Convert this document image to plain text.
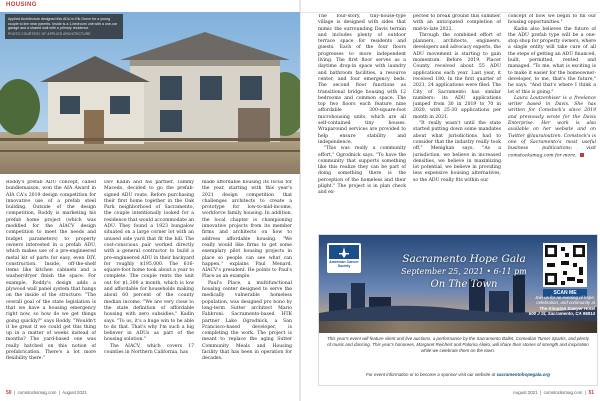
HOUSING
Applied Architecture designed this ADU in Elk Grove for a young couple to live near parents. Inside is a 1-bedroom unit with a one-car garage and a shared wall with a primary residence.
PHOTO COURTESY OF APPLIED ARCHITECTURE

Roddy's prefab ADU concept, called bundlemaison, won the AIA Award in AIA CA's 2019 design competition for innovative use of a prefab steel building. Outside of the design competition, Roddy is marketing his prefab home project (which was modified for the AIACV design competition to meet the needs and budget parameters) to property owners interested in a prefab ADU, which makes use of a pre-engineered metal kit of parts for easy, even DIY, construction. Inside, off-the-shelf items like kitchen cabinets and a washer/dryer finish the space. For example, Roddy's design adds a plywood wall panel system that hangs on the inside of the structure. "The overall goal of the state legislation is that we have a housing emergency right now, so how do we get things going quickly?" says Roddy. "Wouldn't it be great if we could get this thing up in a matter of weeks instead of months? The yard-based one was really hatched on this notion of prefabrication. There's a lot more flexibility there."

Dov Kadin and his partner, Tammy Macedo, decided to go the prefab-signed ADU route. Before purchasing their first home together in the Oak Park neighborhood of Sacramento, the couple intentionally looked for a residence that would accommodate an ADU. They found a 1923 bungalow situated on a large corner lot with an unused side yard that fit the bill. The cost-conscious pair worked directly with a general contractor to build a pre-engineered ADU in their backyard for roughly $195,000. The 616-square-foot home took about a year to complete. The couple rents the unit out for $1,300 a month, which is low and affordable for households making about 60 percent of the county median income. "We are very close to the state definition of affordable housing with zero subsidies," Kadin says. "To us, it's a huge win to be able to do that. That's why I'm such a big believer in ADUs as part of the housing solution."

The AIACV, which covers 17 counties in Northern California, has

made affordable housing its focus for the year, starting with this year's 2021 design competition that challenges architects to create a prototype for low-to-mid-income, workforce family housing. In addition, the local chapter is championing innovative projects from its member firms and architects on how to address affordable housing. "We really would like firms to get some exemplary pilot housing projects in place so people can see what can happen," explains Paul Menard, AIACV's president. He points to Paul's Place as an example.

Paul's Place, a multifunctional housing center designed to serve the medically vulnerable homeless population, was designed pro bono by long-term Sutter architect Mario Fabbroni. Sacramento-based HTK partner Lake Ogrodnick, a San Francisco-based developer, is completing the work. The project is meant to replace the aging Sutter Community Meals and Housing facility that has been in operation for decades.

The four-story, tiny-house-type village is designed with sides that mimic the surrounding Davis terrain and includes plenty of outdoor terrace space for residents and guests. Each of the four floors progresses to more independent living. The first floor serves as a daytime drop-in space with laundry and bathroom facilities, a resource center, and four emergency beds. The second floor functions as transitional bridge housing with 12 bedrooms and common space. The top two floors each feature nine affordable 300-square-foot microhousing units, which are all self-contained tiny houses. Wraparound services are provided to help ensure stability and independence.

"This was really a community effort," Ogrodnick says. "To have the community that supports something like this realize they can be part of doing something there is the perception of the homeless and their plight." The project is in plan check and ex-

pected to break ground this summer, with an anticipated completion of mid-to-late 2022.

Through the combined effort of planners, architects, engineers, developers and advocacy experts, the ADU movement is starting to gain momentum. Before 2019, Placer County received about 55 ADU applications each year. Last year, it received 180. In the first quarter of 2021, 24 applications were filed. The City of Sacramento has similar numbers: its ADU applications jumped from 30 in 2019 to 70 in 2020, with 25-30 applications per month in 2021.

"It really wasn't until the state started putting down some mandates about what jurisdictions had to consider that the industry really took off," Menighan says. "As a jurisdiction, we believe in increased densities, we believe in maximizing lot potential, we believe in providing less expensive housing alternatives, so the ADU really fits within our

concept of how we begin to fill our housing opportunities."

Kadin also believes the future of the ADU prefab type will be a one-stop shop for property owners, where a single entity will take care of all the steps of getting an ADU financed, built, permitted, rented and managed. "To me, what is exciting is to make it easier for the homeowner-developer, to me, that's the future," he says. "And that's where I think a lot of this is going."

Laura Loutzenhiser is a freelance writer based in Davis. She has written for Comstock's since 2019 and previously wrote for the Davis Enterprise. Her work is also available on her website and on Twitter @lauraloutzen. Comstock's is one of Sacramento's most useful business publications; visit comstocksmag.com for more.

American Cancer Society
Sacramento Hope Gala
September 25, 2021 • 6-11 pm
On The Town
SCAN ME
Join us for an evening of hope, celebration, and community at
The Kimpton Sawyer Hotel
500 J St, Sacramento, CA 95814
This year's event will feature silent and live auctions, a performance by the Sacramento Ballet, Comedian Turner Sparks, and plenty of music and dancing. This year's honorees, Margaret Reichert and Paloma Aloko, will share their stories of strength and inspiration while we celebrate them on the town.
For event information or to become a sponsor visit our website at sacramentohopegala.org
50  |  comstocksmag.com  |  August 2021	August 2021  |  comstocksmag.com  |  51
